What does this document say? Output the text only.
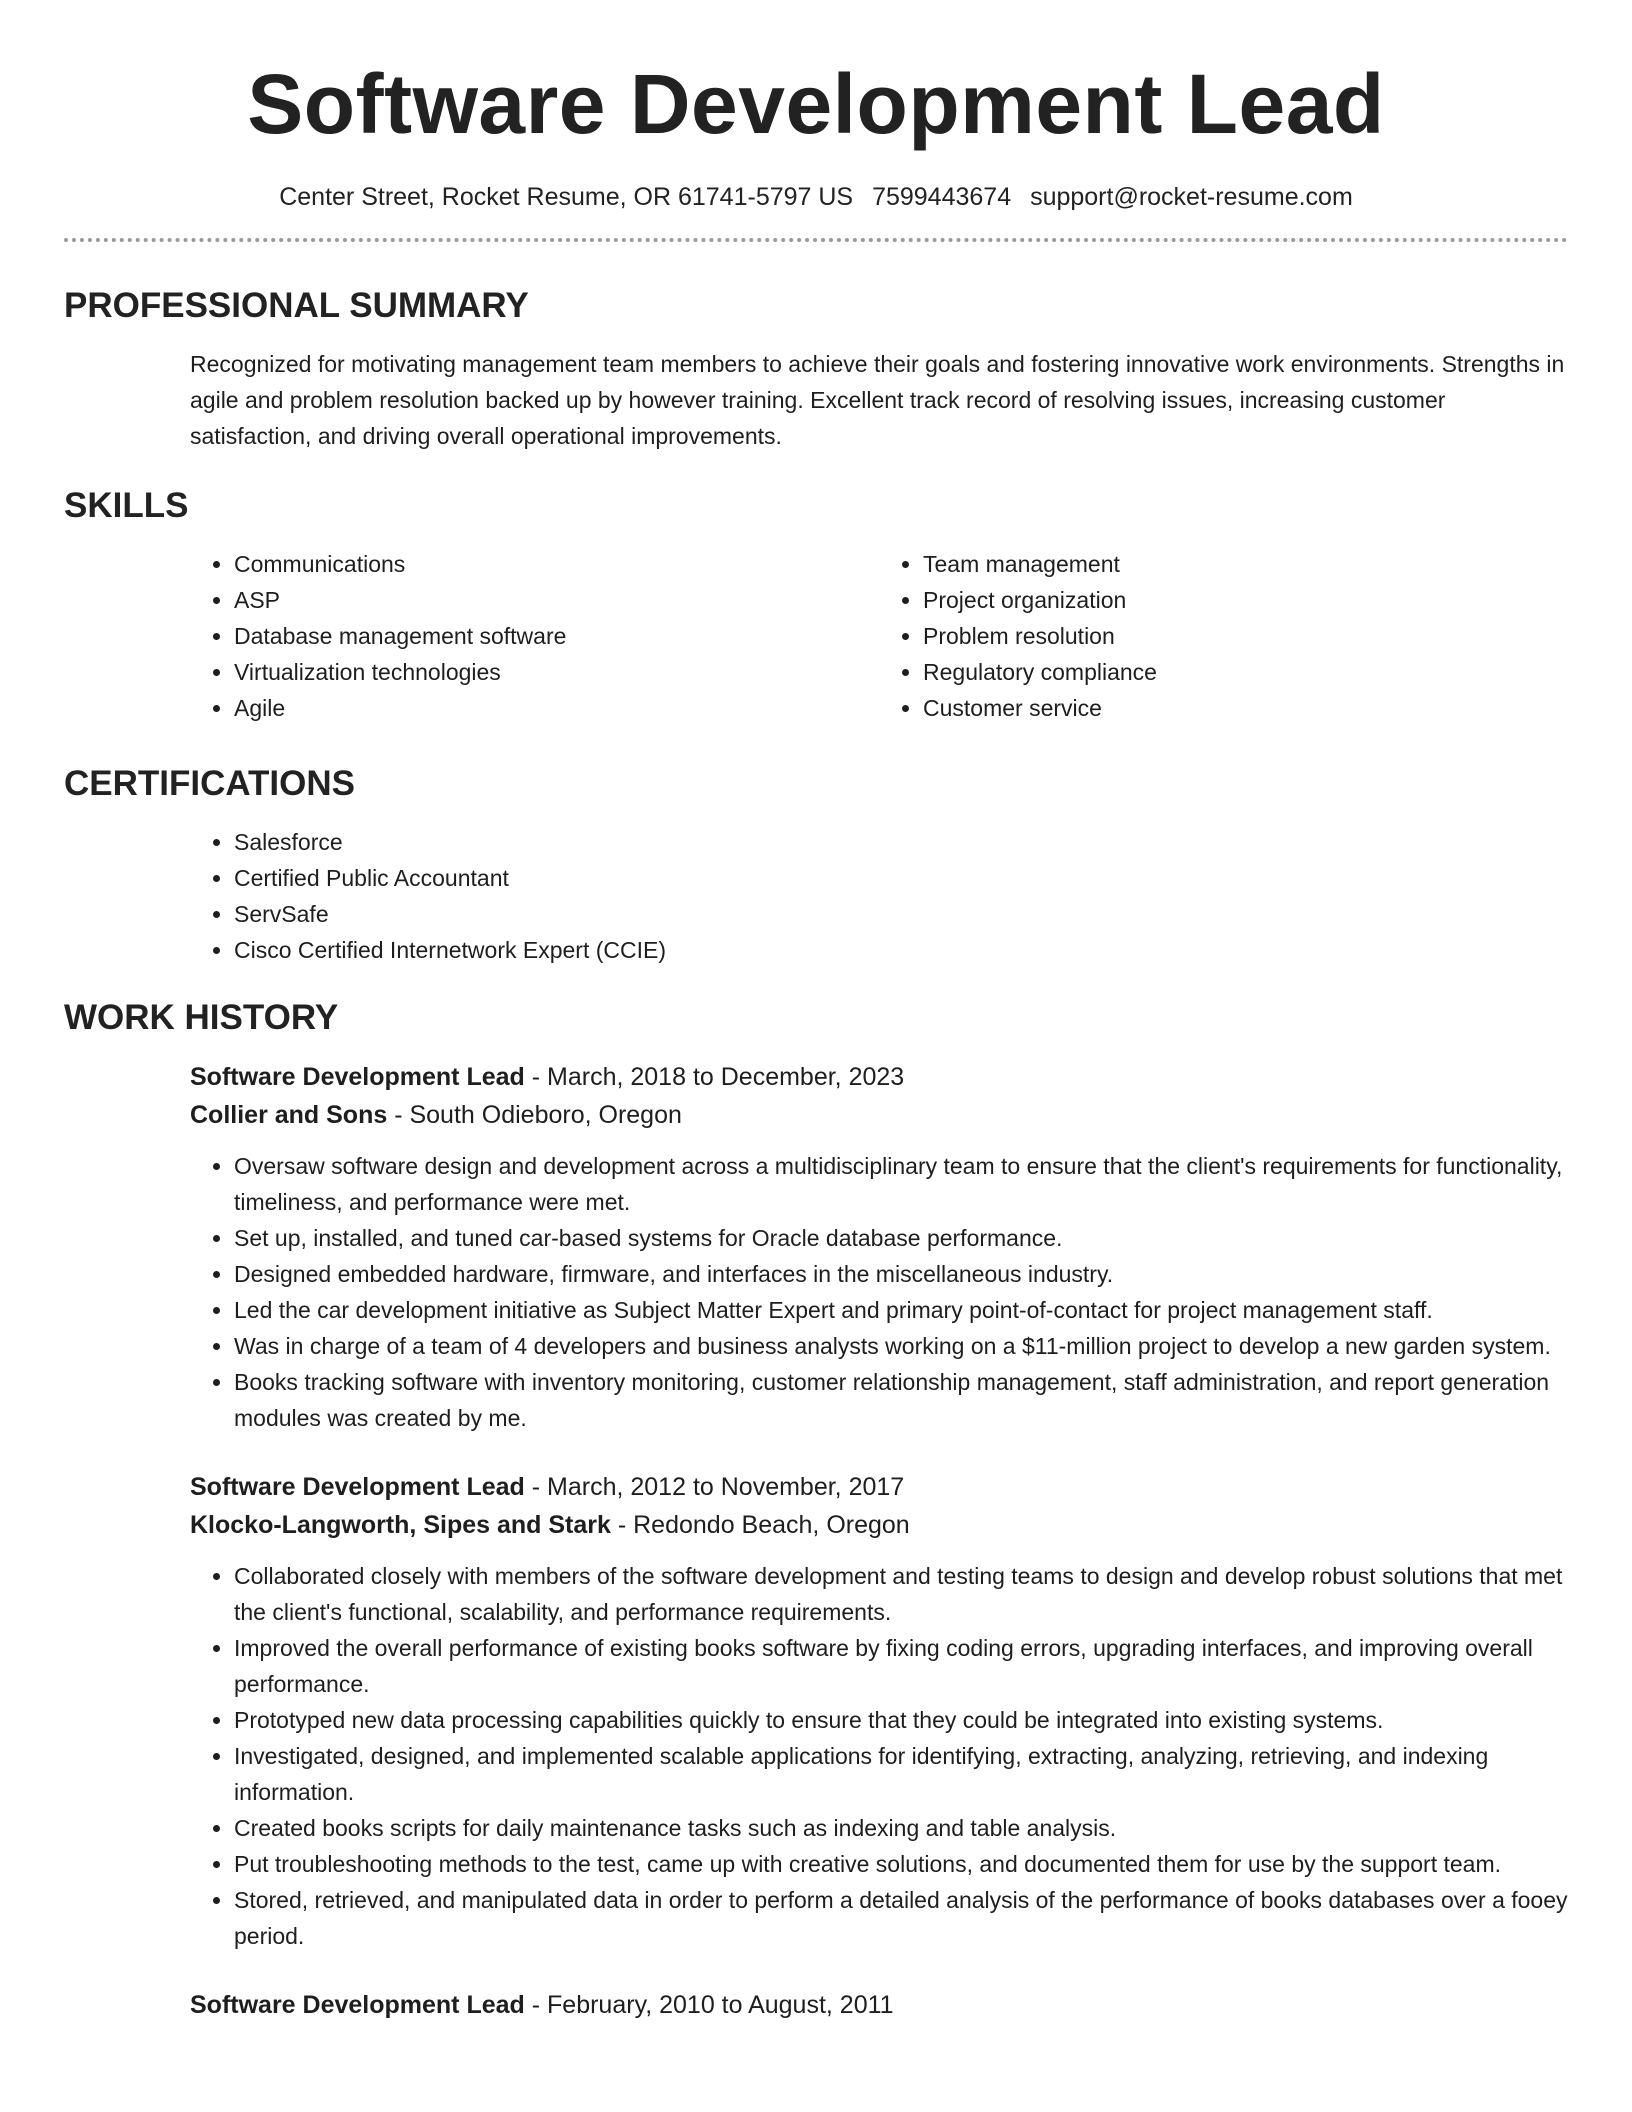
Software Development Lead
Center Street, Rocket Resume, OR 61741-5797 US 7599443674 support@rocket-resume.com
PROFESSIONAL SUMMARY

Recognized for motivating management team members to achieve their goals and fostering innovative work environments. Strengths in agile and problem resolution backed up by however training. Excellent track record of resolving issues, increasing customer satisfaction, and driving overall operational improvements.

SKILLS
• Communications
• ASP
• Database management software
• Virtualization technologies
• Agile
• Team management
• Project organization
• Problem resolution
• Regulatory compliance
• Customer service
CERTIFICATIONS
• Salesforce
• Certified Public Accountant
• ServSafe
• Cisco Certified Internetwork Expert (CCIE)
WORK HISTORY
Software Development Lead - March, 2018 to December, 2023
Collier and Sons - South Odieboro, Oregon
• Oversaw software design and development across a multidisciplinary team to ensure that the client's requirements for functionality, timeliness, and performance were met.
• Set up, installed, and tuned car-based systems for Oracle database performance.
• Designed embedded hardware, firmware, and interfaces in the miscellaneous industry.
• Led the car development initiative as Subject Matter Expert and primary point-of-contact for project management staff.
• Was in charge of a team of 4 developers and business analysts working on a $11-million project to develop a new garden system.
• Books tracking software with inventory monitoring, customer relationship management, staff administration, and report generation modules was created by me.
Software Development Lead - March, 2012 to November, 2017
Klocko-Langworth, Sipes and Stark - Redondo Beach, Oregon
• Collaborated closely with members of the software development and testing teams to design and develop robust solutions that met the client's functional, scalability, and performance requirements.
• Improved the overall performance of existing books software by fixing coding errors, upgrading interfaces, and improving overall performance.
• Prototyped new data processing capabilities quickly to ensure that they could be integrated into existing systems.
• Investigated, designed, and implemented scalable applications for identifying, extracting, analyzing, retrieving, and indexing information.
• Created books scripts for daily maintenance tasks such as indexing and table analysis.
• Put troubleshooting methods to the test, came up with creative solutions, and documented them for use by the support team.
• Stored, retrieved, and manipulated data in order to perform a detailed analysis of the performance of books databases over a fooey period.
Software Development Lead - February, 2010 to August, 2011
